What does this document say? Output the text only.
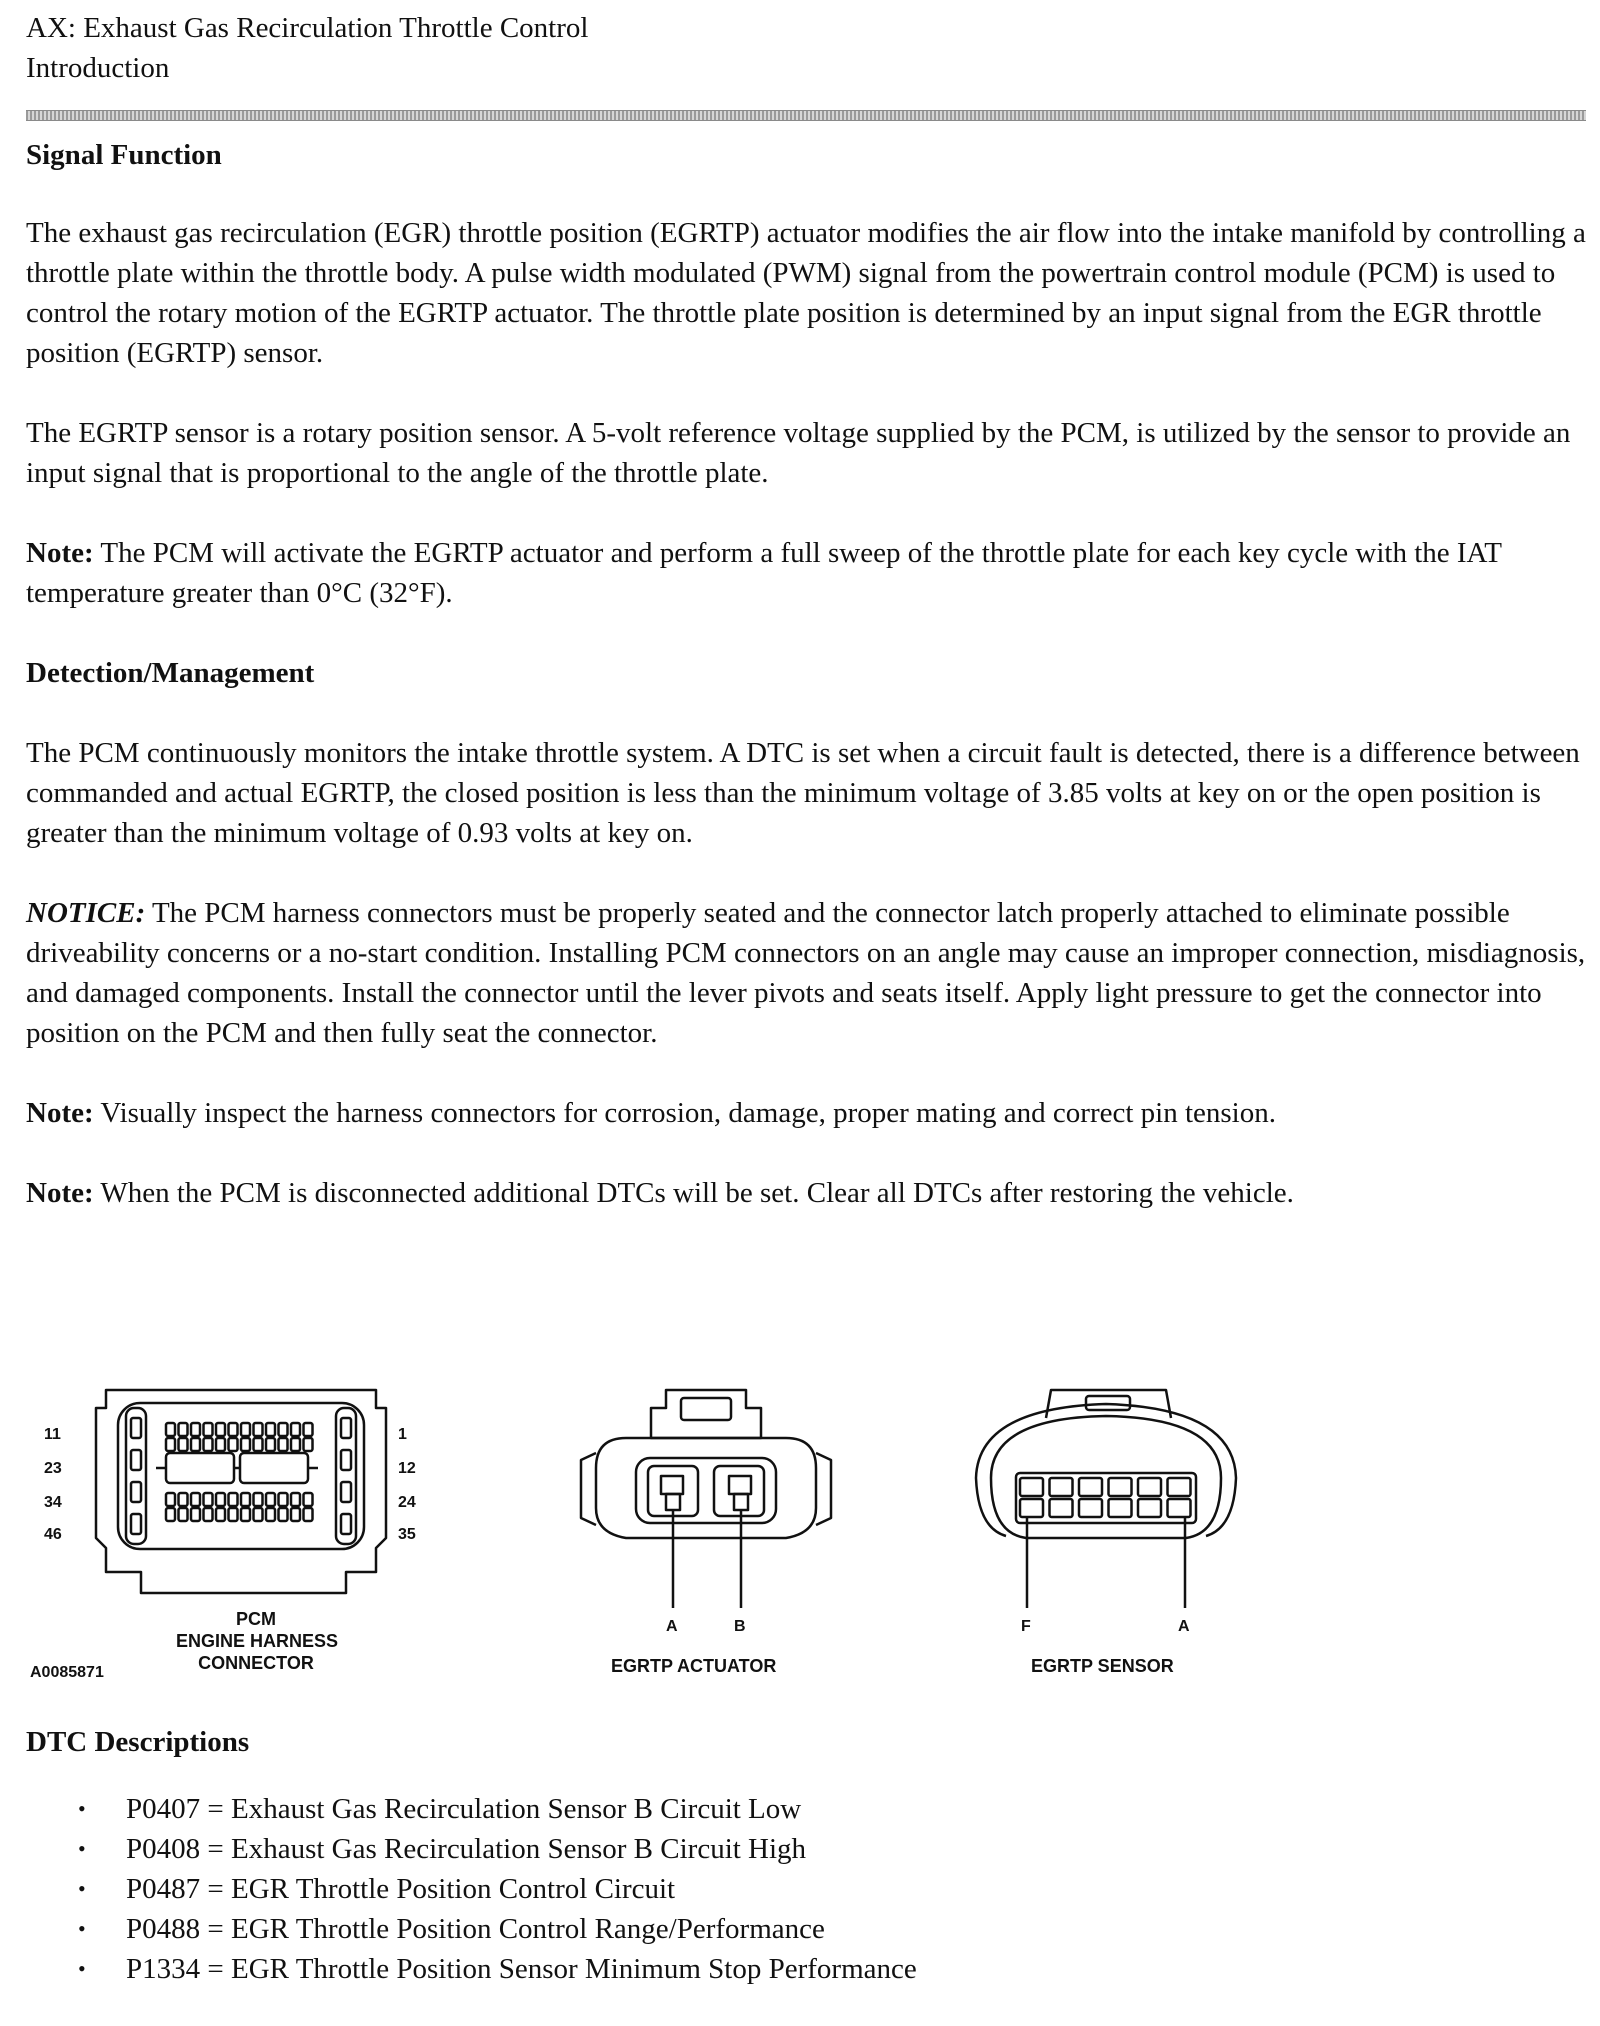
AX: Exhaust Gas Recirculation Throttle Control

Introduction

Signal Function

The exhaust gas recirculation (EGR) throttle position (EGRTP) actuator modifies the air flow into the intake manifold by controlling a throttle plate within the throttle body. A pulse width modulated (PWM) signal from the powertrain control module (PCM) is used to control the rotary motion of the EGRTP actuator. The throttle plate position is determined by an input signal from the EGR throttle position (EGRTP) sensor.

The EGRTP sensor is a rotary position sensor. A 5-volt reference voltage supplied by the PCM, is utilized by the sensor to provide an input signal that is proportional to the angle of the throttle plate.

Note: The PCM will activate the EGRTP actuator and perform a full sweep of the throttle plate for each key cycle with the IAT temperature greater than 0°C (32°F).

Detection/Management

The PCM continuously monitors the intake throttle system. A DTC is set when a circuit fault is detected, there is a difference between commanded and actual EGRTP, the closed position is less than the minimum voltage of 3.85 volts at key on or the open position is greater than the minimum voltage of 0.93 volts at key on.

NOTICE: The PCM harness connectors must be properly seated and the connector latch properly attached to eliminate possible driveability concerns or a no-start condition. Installing PCM connectors on an angle may cause an improper connection, misdiagnosis, and damaged components. Install the connector until the lever pivots and seats itself. Apply light pressure to get the connector into position on the PCM and then fully seat the connector.

Note: Visually inspect the harness connectors for corrosion, damage, proper mating and correct pin tension.

Note: When the PCM is disconnected additional DTCs will be set. Clear all DTCs after restoring the vehicle.

11
23
34
46
1
12
24
35
PCM
ENGINE HARNESS
CONNECTOR
A0085871
A	B
EGRTP ACTUATOR
F	A
EGRTP SENSOR
DTC Descriptions
• P0407 = Exhaust Gas Recirculation Sensor B Circuit Low
• P0408 = Exhaust Gas Recirculation Sensor B Circuit High
• P0487 = EGR Throttle Position Control Circuit
• P0488 = EGR Throttle Position Control Range/Performance
• P1334 = EGR Throttle Position Sensor Minimum Stop Performance
